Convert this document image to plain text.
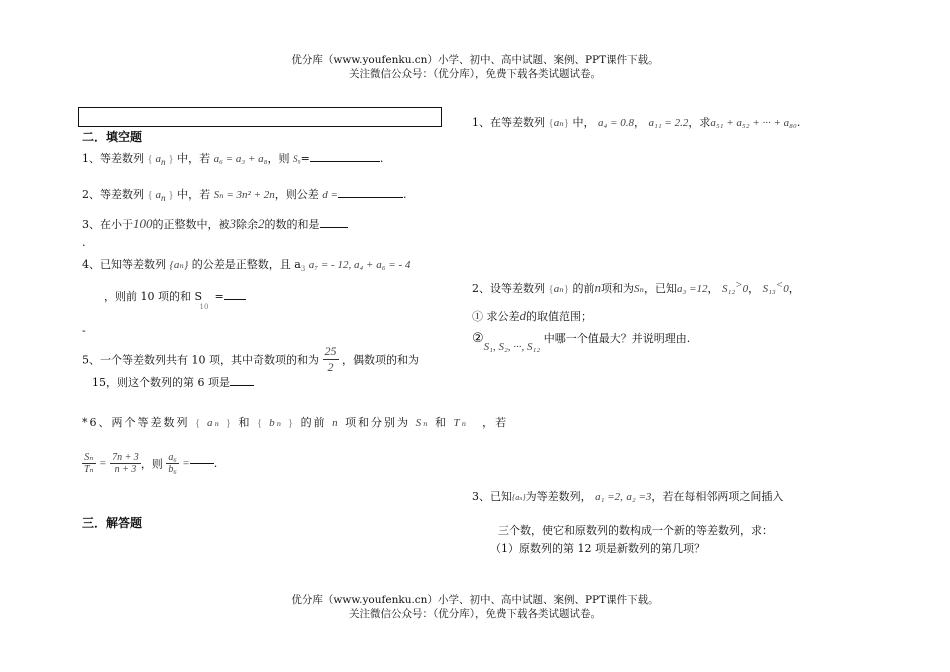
优分库（www.youfenku.cn）小学、初中、高中试题、案例、PPT课件下载。
关注微信公众号：（优分库），免费下载各类试题试卷。
二．填空题
1、等差数列 { $a_n$ } 中，若 a₆ = a₃ + a₈，则 S₉=	.
2、等差数列 { $a_n$ } 中，若 Sₙ = 3n² + 2n，则公差 d =	.
3、在小于100的正整数中，被3除余2的数的和是
.
4、已知等差数列 {aₙ} 的公差是正整数，且 $a_3$ a₇ = - 12, a₄ + a₆ = - 4
，则前 10 项的和 S $_{10}$=
-
5、一个等差数列共有 10 项，其中奇数项的和为 $\frac{25}{2}$ ，偶数项的和为
15，则这个数列的第 6 项是
*6、两个等差数列 { aₙ } 和 { bₙ } 的前 n 项和分别为 Sₙ 和 Tₙ ，若
$\frac{\text{Sₙ}}{\text{Tₙ}} = \frac{7n + 3}{n + 3}$ ，则 $\frac{\text{a₆}}{\text{b₆}}$ = .
三．解答题
1、在等差数列 {aₙ} 中， a₄ = 0.8， a₁₁ = 2.2，求a₅₁ + a₅₂ + ··· + a₈₀.
2、设等差数列 {aₙ} 的前n项和为Sₙ，已知a₃ =12， S₁₂>0， S₁₃<0，
① 求公差d的取值范围；
②S₁, S₂, ···, S₁₂ 中哪一个值最大？并说明理由.
3、已知{aₙ}为等差数列， a₁ =2, a₂ =3，若在每相邻两项之间插入
三个数，使它和原数列的数构成一个新的等差数列，求：
（1）原数列的第 12 项是新数列的第几项？
优分库（www.youfenku.cn）小学、初中、高中试题、案例、PPT课件下载。
关注微信公众号：（优分库），免费下载各类试题试卷。
